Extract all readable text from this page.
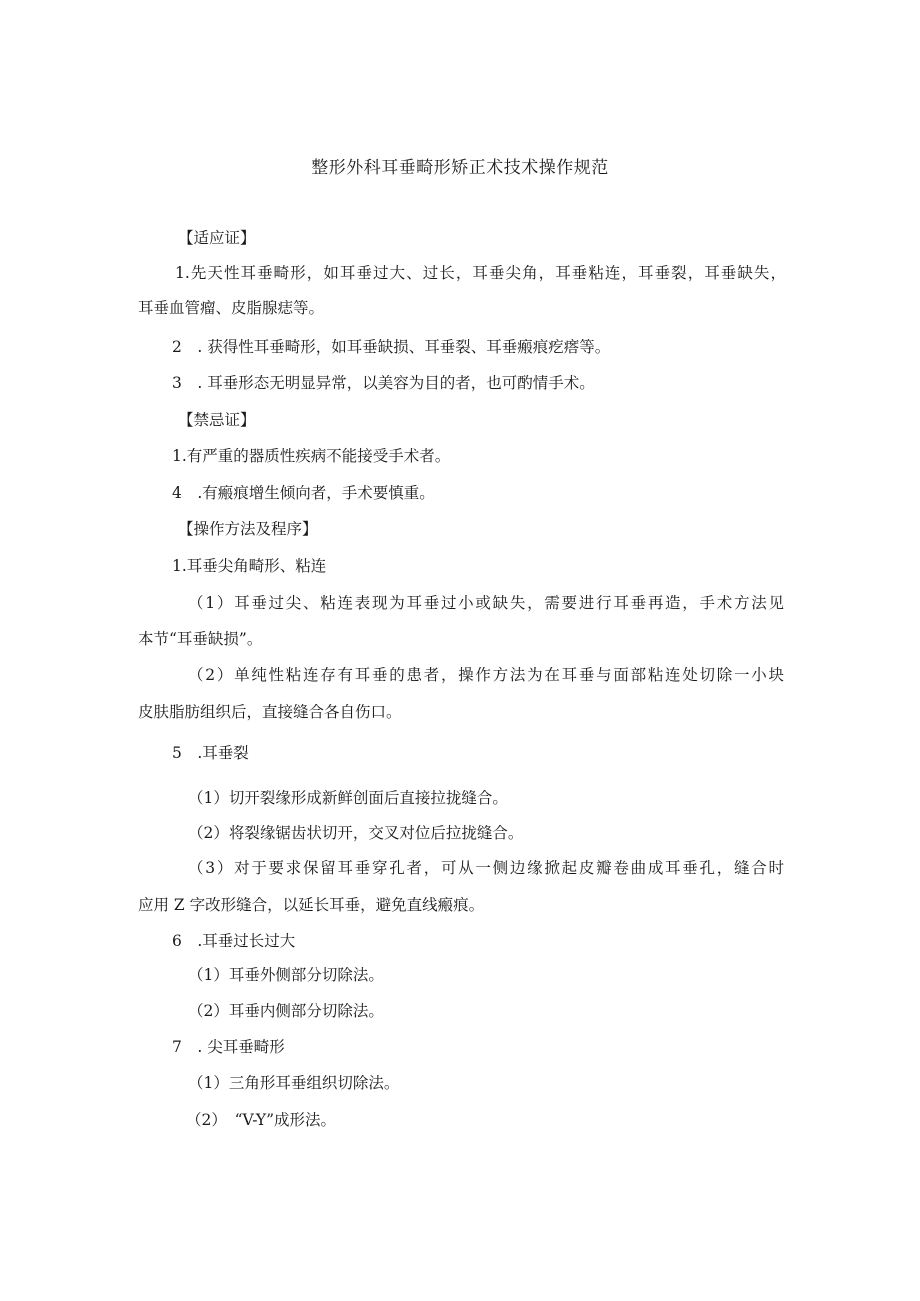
整形外科耳垂畸形矫正术技术操作规范
【适应证】
1.先天性耳垂畸形，如耳垂过大、过长，耳垂尖角，耳垂粘连，耳垂裂，耳垂缺失，
耳垂血管瘤、皮脂腺痣等。
2　. 获得性耳垂畸形，如耳垂缺损、耳垂裂、耳垂瘢痕疙瘩等。
3　. 耳垂形态无明显异常，以美容为目的者，也可酌情手术。
【禁忌证】
1.有严重的器质性疾病不能接受手术者。
4　.有瘢痕增生倾向者，手术要慎重。
【操作方法及程序】
1.耳垂尖角畸形、粘连
（1）耳垂过尖、粘连表现为耳垂过小或缺失，需要进行耳垂再造，手术方法见
本节“耳垂缺损”。
（2）单纯性粘连存有耳垂的患者，操作方法为在耳垂与面部粘连处切除一小块
皮肤脂肪组织后，直接缝合各自伤口。
5　.耳垂裂
（1）切开裂缘形成新鲜创面后直接拉拢缝合。
（2）将裂缘锯齿状切开，交叉对位后拉拢缝合。
（3）对于要求保留耳垂穿孔者，可从一侧边缘掀起皮瓣卷曲成耳垂孔，缝合时
应用 Z 字改形缝合，以延长耳垂，避免直线瘢痕。
6　.耳垂过长过大
（1）耳垂外侧部分切除法。
（2）耳垂内侧部分切除法。
7　. 尖耳垂畸形
（1）三角形耳垂组织切除法。
（2）　“V-Y”成形法。
